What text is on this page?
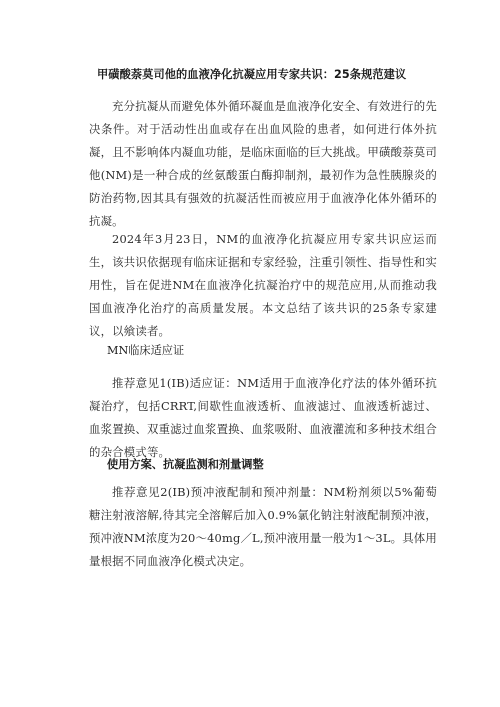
甲磺酸萘莫司他的血液净化抗凝应用专家共识：25条规范建议
充分抗凝从而避免体外循环凝血是血液净化安全、有效进行的先决条件。对于活动性出血或存在出血风险的患者，如何进行体外抗凝，且不影响体内凝血功能，是临床面临的巨大挑战。甲磺酸萘莫司他(NM)是一种合成的丝氨酸蛋白酶抑制剂，最初作为急性胰腺炎的防治药物,因其具有强效的抗凝活性而被应用于血液净化体外循环的抗凝。
2024年3月23日，NM的血液净化抗凝应用专家共识应运而生，该共识依据现有临床证据和专家经验，注重引领性、指导性和实用性，旨在促进NM在血液净化抗凝治疗中的规范应用,从而推动我国血液净化治疗的高质量发展。本文总结了该共识的25条专家建议，以飨读者。
MN临床适应证
推荐意见1(IB)适应证：NM适用于血液净化疗法的体外循环抗凝治疗，包括CRRT,间歇性血液透析、血液滤过、血液透析滤过、血浆置换、双重滤过血浆置换、血浆吸附、血液灌流和多种技术组合的杂合模式等。
使用方案、抗凝监测和剂量调整
推荐意见2(IB)预冲液配制和预冲剂量：NM粉剂须以5%葡萄糖注射液溶解,待其完全溶解后加入0.9%氯化钠注射液配制预冲液，预冲液NM浓度为20～40mg／L,预冲液用量一般为1～3L。具体用量根据不同血液净化模式决定。
